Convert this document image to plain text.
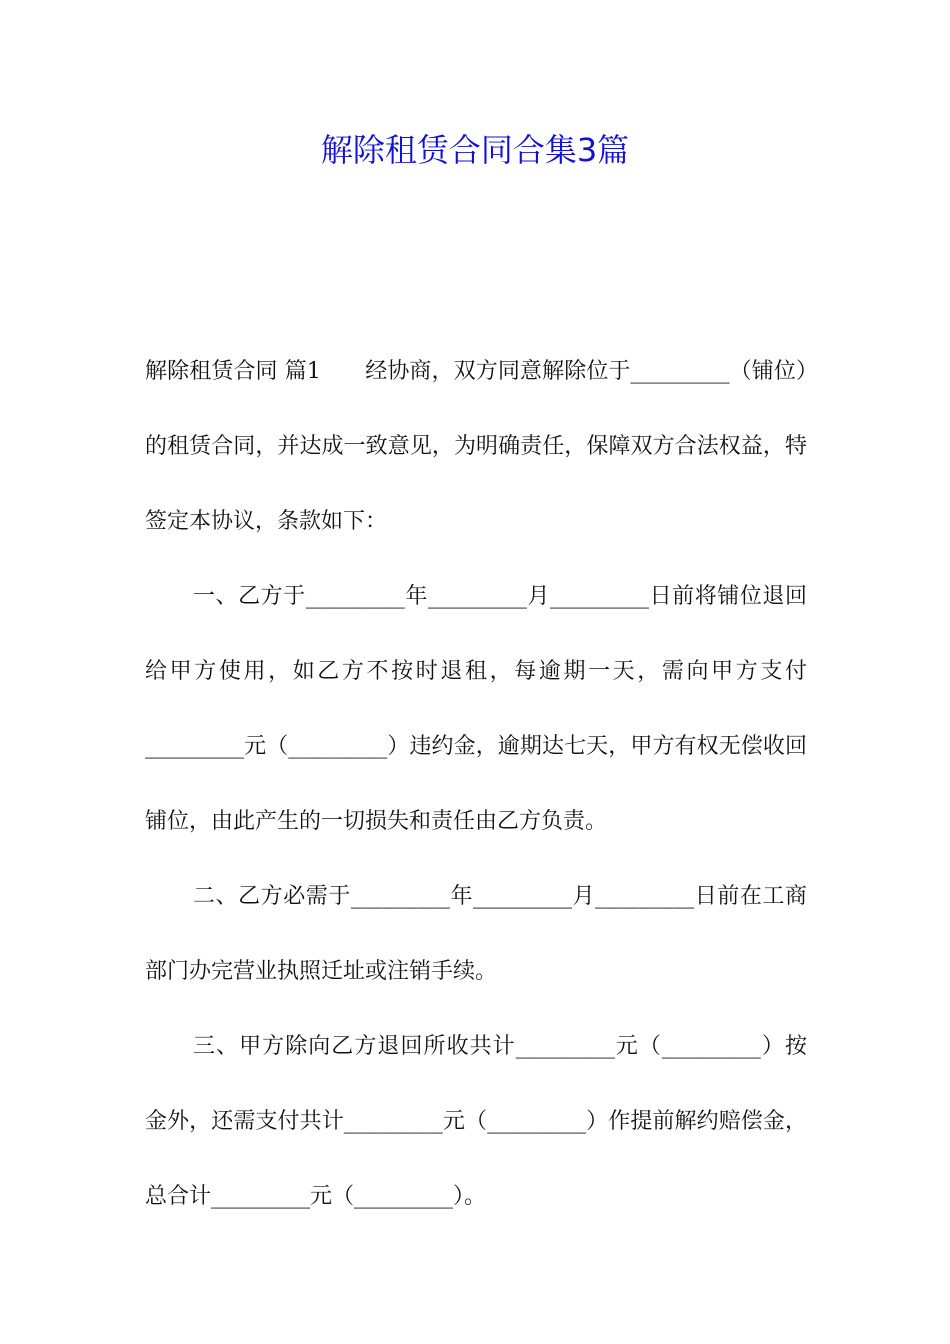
解除租赁合同合集3篇

解除租赁合同 篇1　　经协商，双方同意解除位于_________（铺位）的租赁合同，并达成一致意见，为明确责任，保障双方合法权益，特签定本协议，条款如下：

一、乙方于_________年_________月_________日前将铺位退回给甲方使用，如乙方不按时退租，每逾期一天，需向甲方支付_________元（_________）违约金，逾期达七天，甲方有权无偿收回铺位，由此产生的一切损失和责任由乙方负责。

二、乙方必需于_________年_________月_________日前在工商部门办完营业执照迁址或注销手续。

三、甲方除向乙方退回所收共计_________元（_________）按金外，还需支付共计_________元（_________）作提前解约赔偿金，总合计_________元（_________）。
